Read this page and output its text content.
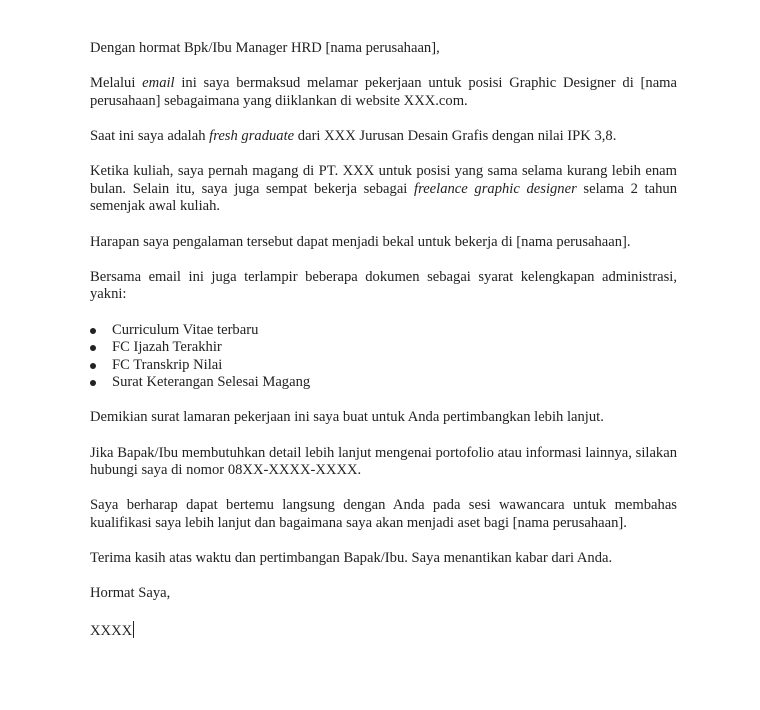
Dengan hormat Bpk/Ibu Manager HRD [nama perusahaan],

Melalui email ini saya bermaksud melamar pekerjaan untuk posisi Graphic Designer di [nama perusahaan] sebagaimana yang diiklankan di website XXX.com.

Saat ini saya adalah fresh graduate dari XXX Jurusan Desain Grafis dengan nilai IPK 3,8.

Ketika kuliah, saya pernah magang di PT. XXX untuk posisi yang sama selama kurang lebih enam bulan. Selain itu, saya juga sempat bekerja sebagai freelance graphic designer selama 2 tahun semenjak awal kuliah.

Harapan saya pengalaman tersebut dapat menjadi bekal untuk bekerja di [nama perusahaan].

Bersama email ini juga terlampir beberapa dokumen sebagai syarat kelengkapan administrasi, yakni:

Curriculum Vitae terbaru
FC Ijazah Terakhir
FC Transkrip Nilai
Surat Keterangan Selesai Magang

Demikian surat lamaran pekerjaan ini saya buat untuk Anda pertimbangkan lebih lanjut.

Jika Bapak/Ibu membutuhkan detail lebih lanjut mengenai portofolio atau informasi lainnya, silakan hubungi saya di nomor 08XX-XXXX-XXXX.

Saya berharap dapat bertemu langsung dengan Anda pada sesi wawancara untuk membahas kualifikasi saya lebih lanjut dan bagaimana saya akan menjadi aset bagi [nama perusahaan].

Terima kasih atas waktu dan pertimbangan Bapak/Ibu. Saya menantikan kabar dari Anda.

Hormat Saya,

XXXX
